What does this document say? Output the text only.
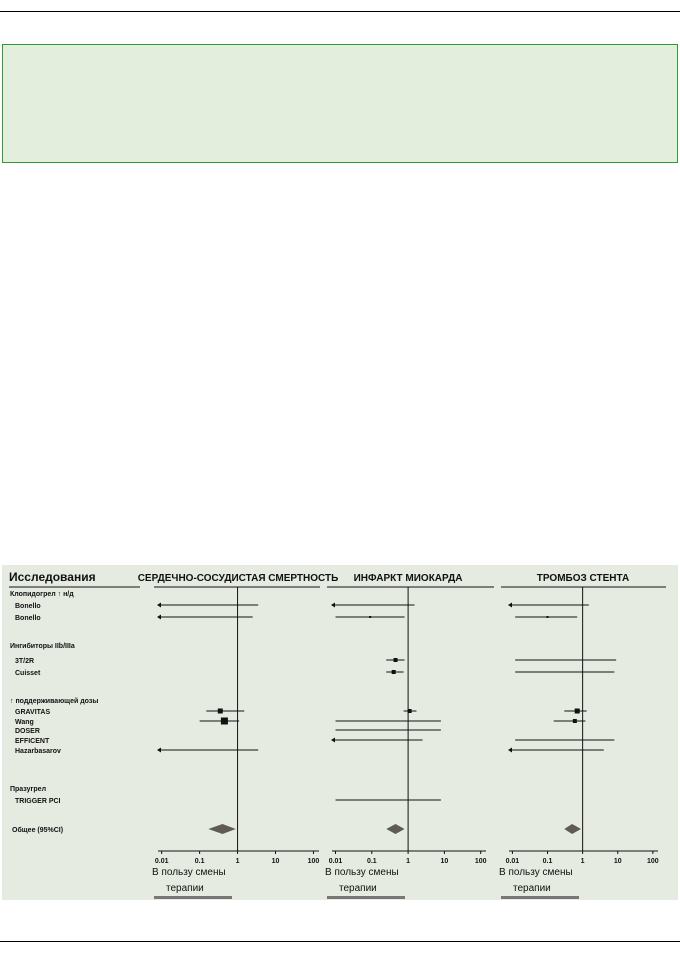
Исследования
Клопидогрел ↑ н/д
Ингибиторы IIb/IIIa
↑ поддерживающей дозы
Празугрел
Bonello
Bonello
3T/2R
Cuisset
GRAVITAS
Wang
DOSER
EFFICENT
Hazarbasarov
TRIGGER PCI
Общее (95%CI)
СЕРДЕЧНО-СОСУДИСТАЯ СМЕРТНОСТЬ
0.01	0.1	1	10	100
В пользу смены
терапии
ИНФАРКТ МИОКАРДА
0.01	0.1	1	10	100
В пользу смены
терапии
ТРОМБОЗ СТЕНТА
0.01	0.1	1	10	100
В пользу смены
терапии
